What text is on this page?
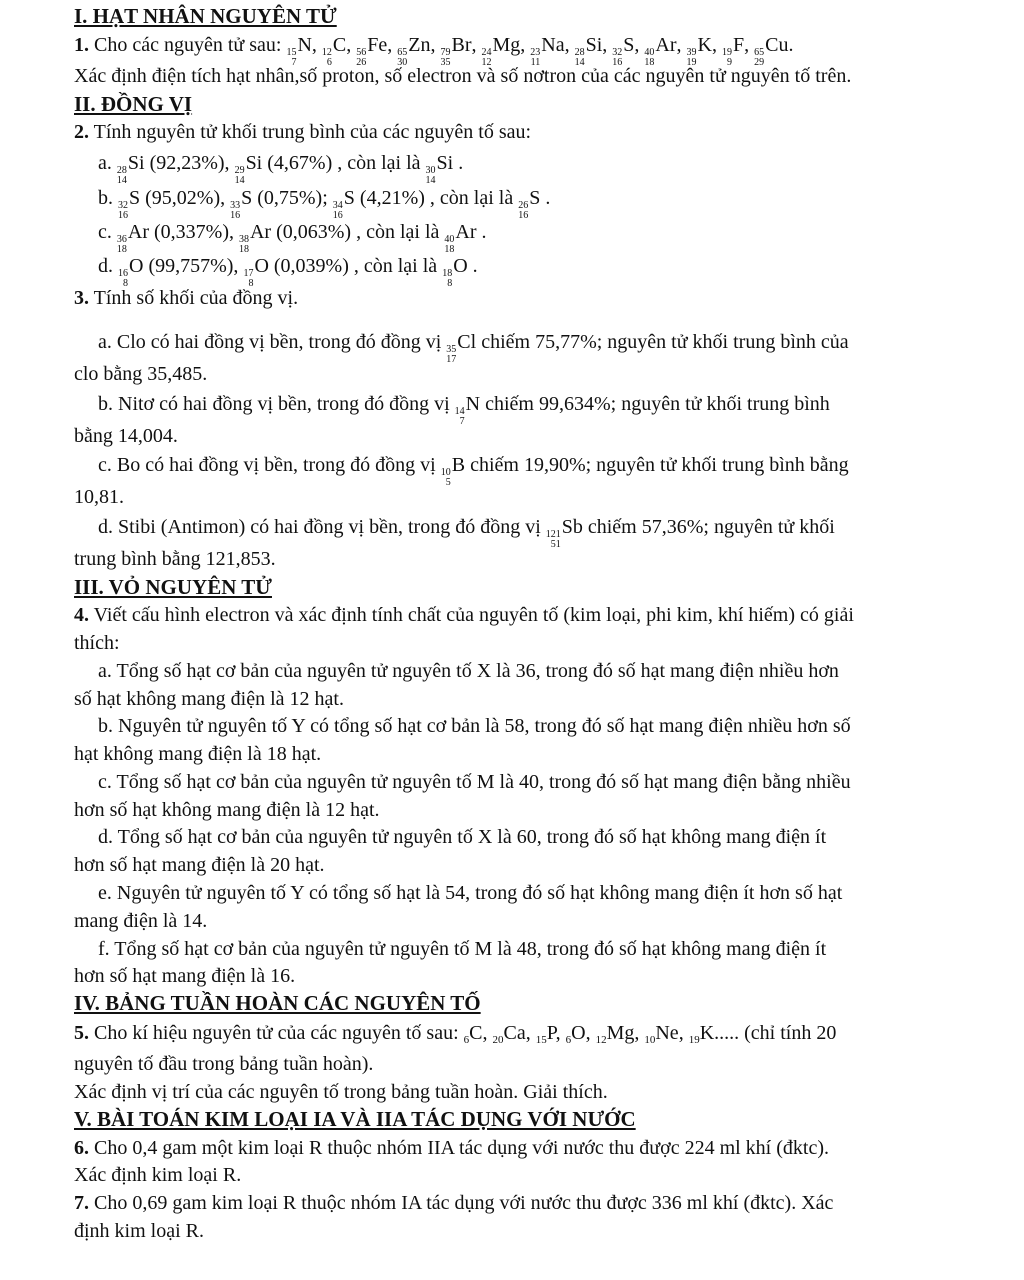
I. HẠT NHÂN NGUYÊN TỬ
1. Cho các nguyên tử sau: 15
7
N, 12
6
C, 56
26
Fe, 65
30
Zn, 79
35
Br, 24
12
Mg, 23
11
Na, 28
14
Si, 32
16
S, 40
18
Ar, 39
19
K, 19
9
F, 65
29
Cu.
Xác định điện tích hạt nhân,số proton, số electron và số nơtron của các nguyên tử nguyên tố trên.
II. ĐỒNG VỊ
2. Tính nguyên tử khối trung bình của các nguyên tố sau:
a. 28
14
Si (92,23%), 29
14
Si (4,67%) , còn lại là 30
14
Si .
b. 32
16
S (95,02%), 33
16
S (0,75%); 34
16
S (4,21%) , còn lại là 26
16
S .
c. 36
18
Ar (0,337%), 38
18
Ar (0,063%) , còn lại là 40
18
Ar .
d. 16
8
O (99,757%), 17
8
O (0,039%) , còn lại là 18
8
O .
3. Tính số khối của đồng vị.
a. Clo có hai đồng vị bền, trong đó đồng vị 35
17
Cl chiếm 75,77%; nguyên tử khối trung bình của
clo bằng 35,485.
b. Nitơ có hai đồng vị bền, trong đó đồng vị 14
7
N chiếm 99,634%; nguyên tử khối trung bình
bằng 14,004.
c. Bo có hai đồng vị bền, trong đó đồng vị 10
5
B chiếm 19,90%; nguyên tử khối trung bình bằng
10,81.
d. Stibi (Antimon) có hai đồng vị bền, trong đó đồng vị 121
51
Sb chiếm 57,36%; nguyên tử khối
trung bình bằng 121,853.
III. VỎ NGUYÊN TỬ
4. Viết cấu hình electron và xác định tính chất của nguyên tố (kim loại, phi kim, khí hiếm) có giải
thích:
a. Tổng số hạt cơ bản của nguyên tử nguyên tố X là 36, trong đó số hạt mang điện nhiều hơn
số hạt không mang điện là 12 hạt.
b. Nguyên tử nguyên tố Y có tổng số hạt cơ bản là 58, trong đó số hạt mang điện nhiều hơn số
hạt không mang điện là 18 hạt.
c. Tổng số hạt cơ bản của nguyên tử nguyên tố M là 40, trong đó số hạt mang điện bằng nhiều
hơn số hạt không mang điện là 12 hạt.
d. Tổng số hạt cơ bản của nguyên tử nguyên tố X là 60, trong đó số hạt không mang điện ít
hơn số hạt mang điện là 20 hạt.
e. Nguyên tử nguyên tố Y có tổng số hạt là 54, trong đó số hạt không mang điện ít hơn số hạt
mang điện là 14.
f. Tổng số hạt cơ bản của nguyên tử nguyên tố M là 48, trong đó số hạt không mang điện ít
hơn số hạt mang điện là 16.
IV. BẢNG TUẦN HOÀN CÁC NGUYÊN TỐ
5. Cho kí hiệu nguyên tử của các nguyên tố sau: $_6$C, $_{20}$Ca, $_{15}$P, $_6$O, $_{12}$Mg, $_{10}$Ne, $_{19}$K..... (chỉ tính 20
nguyên tố đầu trong bảng tuần hoàn).
Xác định vị trí của các nguyên tố trong bảng tuần hoàn. Giải thích.
V. BÀI TOÁN KIM LOẠI IA VÀ IIA TÁC DỤNG VỚI NƯỚC
6. Cho 0,4 gam một kim loại R thuộc nhóm IIA tác dụng với nước thu được 224 ml khí (đktc).
Xác định kim loại R.
7. Cho 0,69 gam kim loại R thuộc nhóm IA tác dụng với nước thu được 336 ml khí (đktc). Xác
định kim loại R.
